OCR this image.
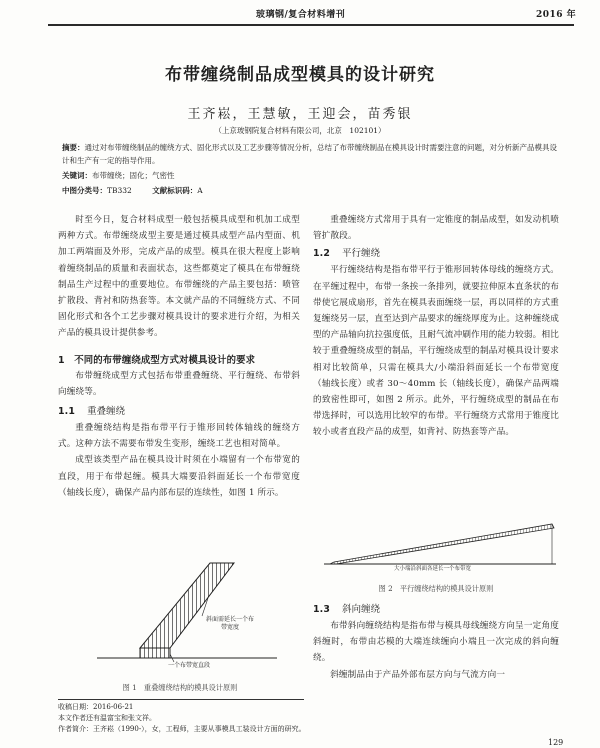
玻璃钢/复合材料增刊	2016 年
布带缠绕制品成型模具的设计研究
王齐崧，王慧敏，王迎会，苗秀银
（上京玻钢院复合材料有限公司，北京　102101）
摘要：通过对布带缠绕制品的缠绕方式、固化形式以及工艺步骤等情况分析，总结了布带缠绕制品在模具设计时需要注意的问题，对分析新产品模具设计和生产有一定的指导作用。
关键词：布带缠绕；固化；气密性
中图分类号：TB332	文献标识码：A

时至今日，复合材料成型一般包括模具成型和机加工成型两种方式。布带缠绕成型主要是通过模具成型产品内型面、机加工两端面及外形，完成产品的成型。模具在很大程度上影响着缠绕制品的质量和表面状态，这些都奠定了模具在布带缠绕制品生产过程中的重要地位。布带缠绕的产品主要包括：喷管扩散段、背衬和防热套等。本文就产品的不同缠绕方式、不同固化形式和各个工艺步骤对模具设计的要求进行介绍，为相关产品的模具设计提供参考。

1　不同的布带缠绕成型方式对模具设计的要求

布带缠绕成型方式包括布带重叠缠绕、平行缠绕、布带斜向缠绕等。

1.1 重叠缠绕

重叠缠绕结构是指布带平行于锥形回转体轴线的缠绕方式。这种方法不需要布带发生变形，缠绕工艺也相对简单。

成型该类型产品在模具设计时须在小端留有一个布带宽的直段，用于布带起缠。模具大端要沿斜面延长一个布带宽度（轴线长度），确保产品内部布层的连续性，如图 1 所示。

斜面需延长一个布带宽度
一个布带宽直段
图 1　重叠缠绕结构的模具设计原则
收稿日期：2016-06-21
本文作者还有温富宝和张文祥。
作者简介：王齐崧（1990-），女，工程师，主要从事模具工装设计方面的研究。

重叠缠绕方式常用于具有一定锥度的制品成型，如发动机喷管扩散段。

1.2 平行缠绕

平行缠绕结构是指布带平行于锥形回转体母线的缠绕方式。在平缠过程中，布带一条挨一条排列，就要拉伸原本直条状的布带使它展成扇形，首先在模具表面缠绕一层，再以同样的方式重复缠绕另一层，直至达到产品要求的缠绕厚度为止。这种缠绕成型的产品轴向抗拉强度低，且耐气流冲刷作用的能力较弱。相比较于重叠缠绕成型的制品，平行缠绕成型的制品对模具设计要求相对比较简单，只需在模具大/小端沿斜面延长一个布带宽度（轴线长度）或者 30～40mm 长（轴线长度），确保产品两端的致密性即可，如图 2 所示。此外，平行缠绕成型的制品在布带选择时，可以选用比较窄的布带。平行缠绕方式常用于锥度比较小或者直段产品的成型，如背衬、防热套等产品。

大小端沿斜面各延长一个布带宽
图 2　平行缠绕结构的模具设计原则

1.3 斜向缠绕

布带斜向缠绕结构是指布带与模具母线缠绕方向呈一定角度斜缠时，布带由芯模的大端连续缠向小端且一次完成的斜向缠绕。

斜缠制品由于产品外部布层方向与气流方向一

129
